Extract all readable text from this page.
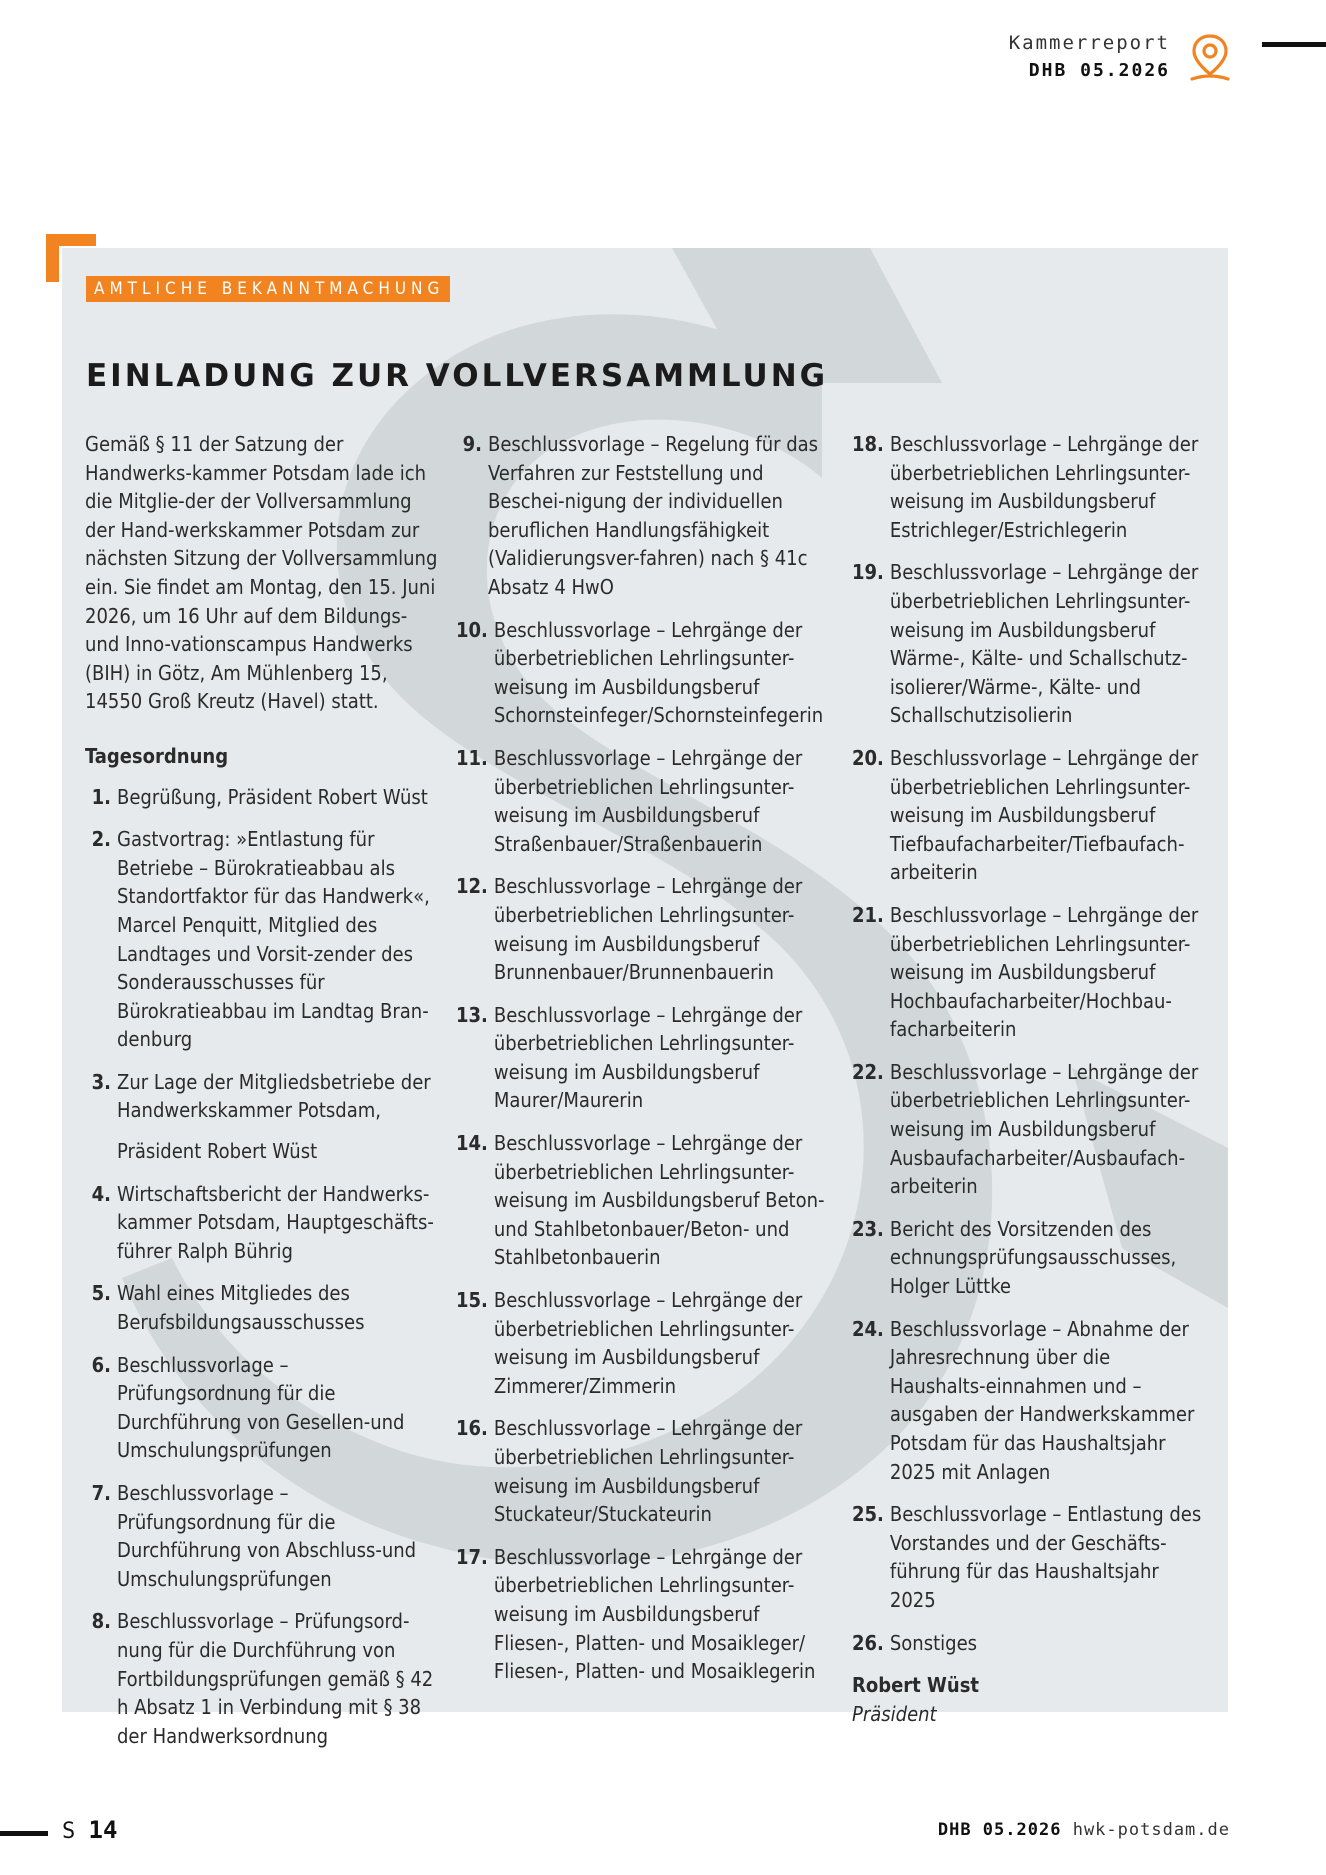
Kammerreport
DHB 05.2026
AMTLICHE BEKANNTMACHUNG
EINLADUNG ZUR VOLLVERSAMMLUNG

Gemäß § 11 der Satzung der Handwerks-kammer Potsdam lade ich die Mitglie-der der Vollversammlung der Hand-werkskammer Potsdam zur nächsten Sitzung der Vollversammlung ein. Sie findet am Montag, den 15. Juni 2026, um 16 Uhr auf dem Bildungs- und Inno-vationscampus Handwerks (BIH) in Götz, Am Mühlenberg 15, 14550 Groß Kreutz (Havel) statt.

Tagesordnung
1. Begrüßung, Präsident Robert Wüst
2. Gastvortrag: »Entlastung für Betriebe – Bürokratieabbau als Standortfaktor für das Handwerk«, Marcel Penquitt, Mitglied des Landtages und Vorsit-zender des Sonderausschusses für Bürokratieabbau im Landtag Bran-denburg
3. Zur Lage der Mitgliedsbetriebe der Handwerkskammer Potsdam,
Präsident Robert Wüst
4. Wirtschaftsbericht der Handwerks-kammer Potsdam, Hauptgeschäfts-führer Ralph Bührig
5. Wahl eines Mitgliedes des Berufsbildungsausschusses
6. Beschlussvorlage – Prüfungsordnung für die Durchführung von Gesellen-und Umschulungsprüfungen
7. Beschlussvorlage – Prüfungsordnung für die Durchführung von Abschluss-und Umschulungsprüfungen
8. Beschlussvorlage – Prüfungsord-nung für die Durchführung von Fortbildungsprüfungen gemäß § 42 h Absatz 1 in Verbindung mit § 38 der Handwerksordnung
9. Beschlussvorlage – Regelung für das Verfahren zur Feststellung und Beschei-nigung der individuellen beruflichen Handlungsfähigkeit (Validierungsver-fahren) nach § 41c Absatz 4 HwO
10. Beschlussvorlage – Lehrgänge der überbetrieblichen Lehrlingsunter-weisung im Ausbildungsberuf Schornsteinfeger/Schornsteinfegerin
11. Beschlussvorlage – Lehrgänge der überbetrieblichen Lehrlingsunter-weisung im Ausbildungsberuf Straßenbauer/Straßenbauerin
12. Beschlussvorlage – Lehrgänge der überbetrieblichen Lehrlingsunter-weisung im Ausbildungsberuf Brunnenbauer/Brunnenbauerin
13. Beschlussvorlage – Lehrgänge der überbetrieblichen Lehrlingsunter-weisung im Ausbildungsberuf Maurer/Maurerin
14. Beschlussvorlage – Lehrgänge der überbetrieblichen Lehrlingsunter-weisung im Ausbildungsberuf Beton-und Stahlbetonbauer/Beton- und Stahlbetonbauerin
15. Beschlussvorlage – Lehrgänge der überbetrieblichen Lehrlingsunter-weisung im Ausbildungsberuf Zimmerer/Zimmerin
16. Beschlussvorlage – Lehrgänge der überbetrieblichen Lehrlingsunter-weisung im Ausbildungsberuf Stuckateur/Stuckateurin
17. Beschlussvorlage – Lehrgänge der überbetrieblichen Lehrlingsunter-weisung im Ausbildungsberuf Fliesen-, Platten- und Mosaikleger/ Fliesen-, Platten- und Mosaiklegerin
18. Beschlussvorlage – Lehrgänge der überbetrieblichen Lehrlingsunter-weisung im Ausbildungsberuf Estrichleger/Estrichlegerin
19. Beschlussvorlage – Lehrgänge der überbetrieblichen Lehrlingsunter-weisung im Ausbildungsberuf Wärme-, Kälte- und Schallschutz-isolierer/Wärme-, Kälte- und Schallschutzisolierin
20. Beschlussvorlage – Lehrgänge der überbetrieblichen Lehrlingsunter-weisung im Ausbildungsberuf Tiefbaufacharbeiter/Tiefbaufach-arbeiterin
21. Beschlussvorlage – Lehrgänge der überbetrieblichen Lehrlingsunter-weisung im Ausbildungsberuf Hochbaufacharbeiter/Hochbau-facharbeiterin
22. Beschlussvorlage – Lehrgänge der überbetrieblichen Lehrlingsunter-weisung im Ausbildungsberuf Ausbaufacharbeiter/Ausbaufach-arbeiterin
23. Bericht des Vorsitzenden des echnungsprüfungsausschusses, Holger Lüttke
24. Beschlussvorlage – Abnahme der Jahresrechnung über die Haushalts-einnahmen und – ausgaben der Handwerkskammer Potsdam für das Haushaltsjahr 2025 mit Anlagen
25. Beschlussvorlage – Entlastung des Vorstandes und der Geschäfts-führung für das Haushaltsjahr 2025
26. Sonstiges
Robert Wüst
Präsident
S 14	DHB 05.2026 hwk-potsdam.de
